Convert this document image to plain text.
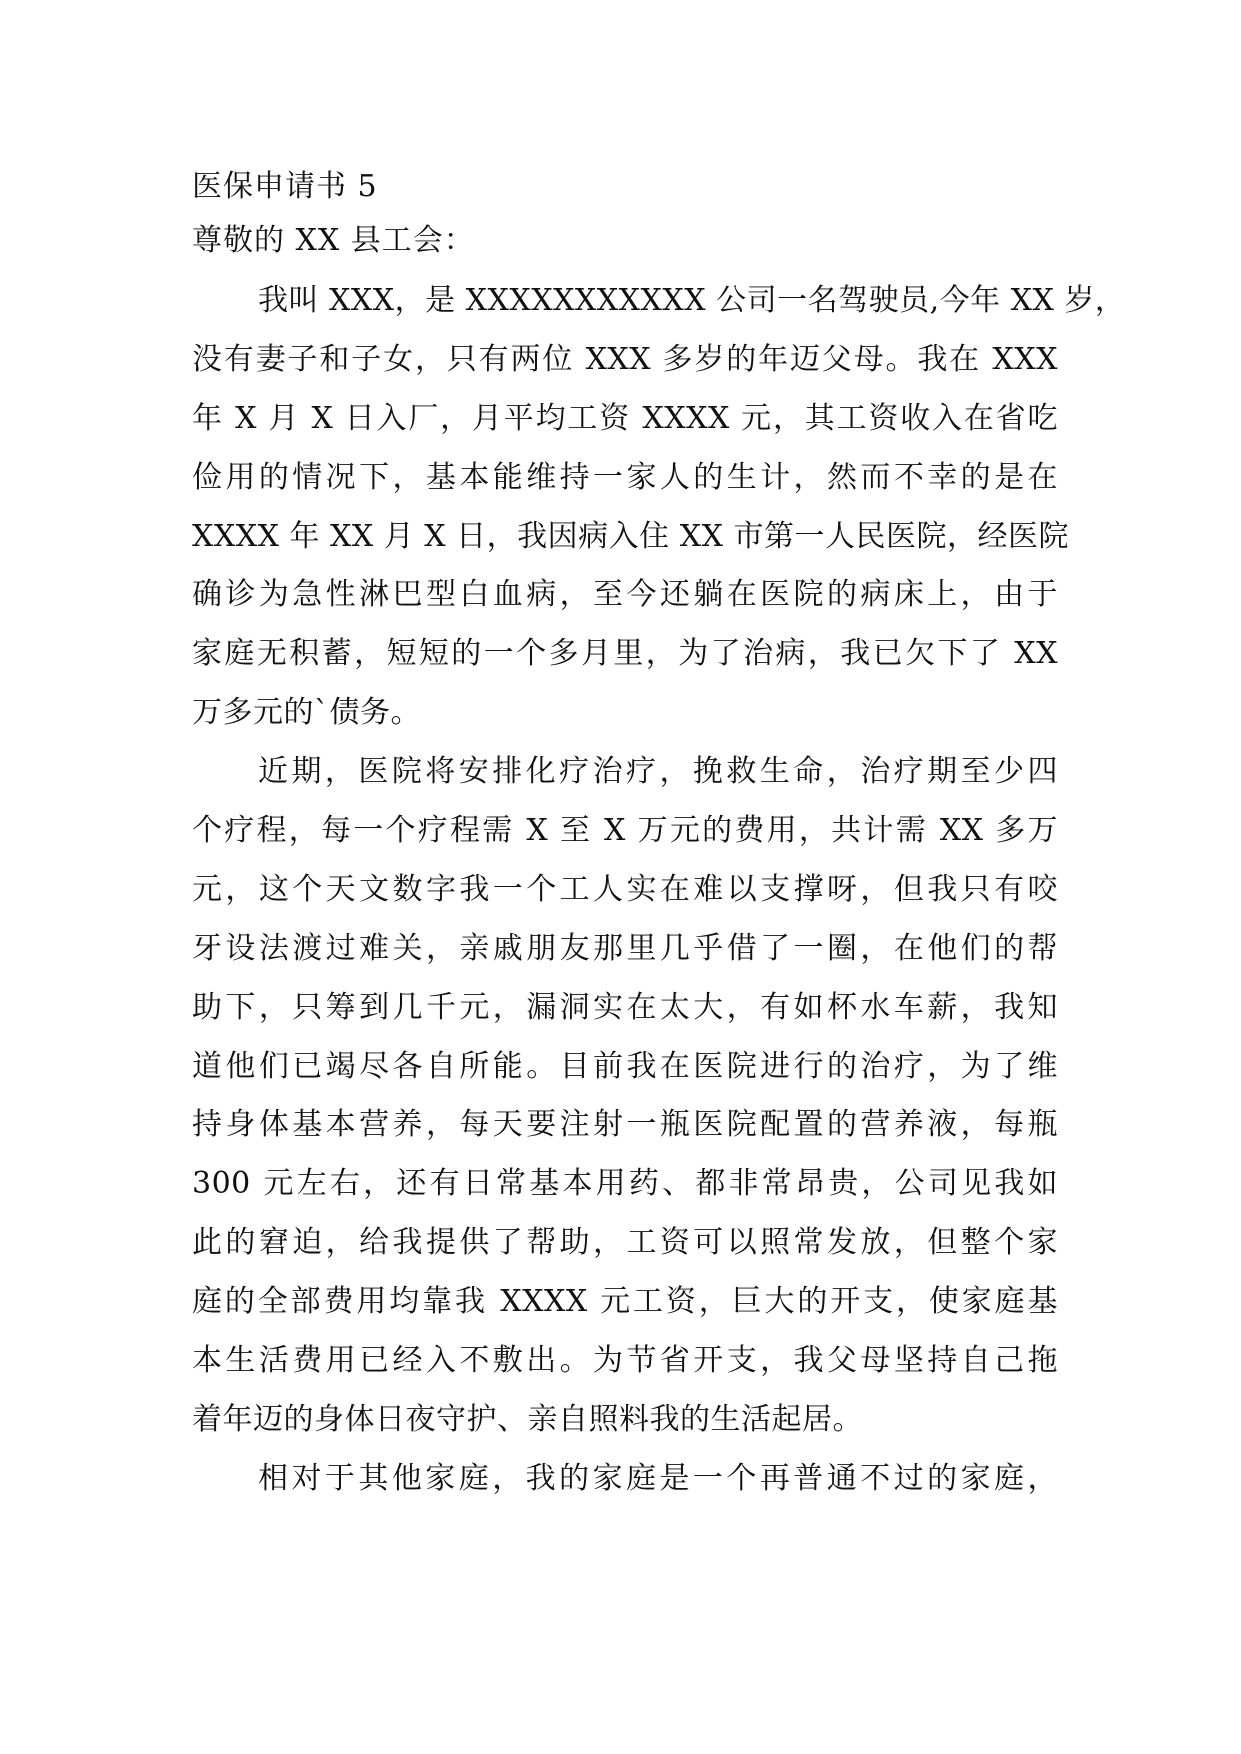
医保申请书 5
尊敬的 XX 县工会：
我叫 XXX，是 XXXXXXXXXXX 公司一名驾驶员,今年 XX 岁，
没有妻子和子女，只有两位 XXX 多岁的年迈父母。我在 XXX
年 X 月 X 日入厂，月平均工资 XXXX 元，其工资收入在省吃
俭用的情况下，基本能维持一家人的生计，然而不幸的是在
XXXX 年 XX 月 X 日，我因病入住 XX 市第一人民医院，经医院
确诊为急性淋巴型白血病，至今还躺在医院的病床上，由于
家庭无积蓄，短短的一个多月里，为了治病，我已欠下了 XX
万多元的`债务。
近期，医院将安排化疗治疗，挽救生命，治疗期至少四
个疗程，每一个疗程需 X 至 X 万元的费用，共计需 XX 多万
元，这个天文数字我一个工人实在难以支撑呀，但我只有咬
牙设法渡过难关，亲戚朋友那里几乎借了一圈，在他们的帮
助下，只筹到几千元，漏洞实在太大，有如杯水车薪，我知
道他们已竭尽各自所能。目前我在医院进行的治疗，为了维
持身体基本营养，每天要注射一瓶医院配置的营养液，每瓶
300 元左右，还有日常基本用药、都非常昂贵，公司见我如
此的窘迫，给我提供了帮助，工资可以照常发放，但整个家
庭的全部费用均靠我 XXXX 元工资，巨大的开支，使家庭基
本生活费用已经入不敷出。为节省开支，我父母坚持自己拖
着年迈的身体日夜守护、亲自照料我的生活起居。
相对于其他家庭，我的家庭是一个再普通不过的家庭，
